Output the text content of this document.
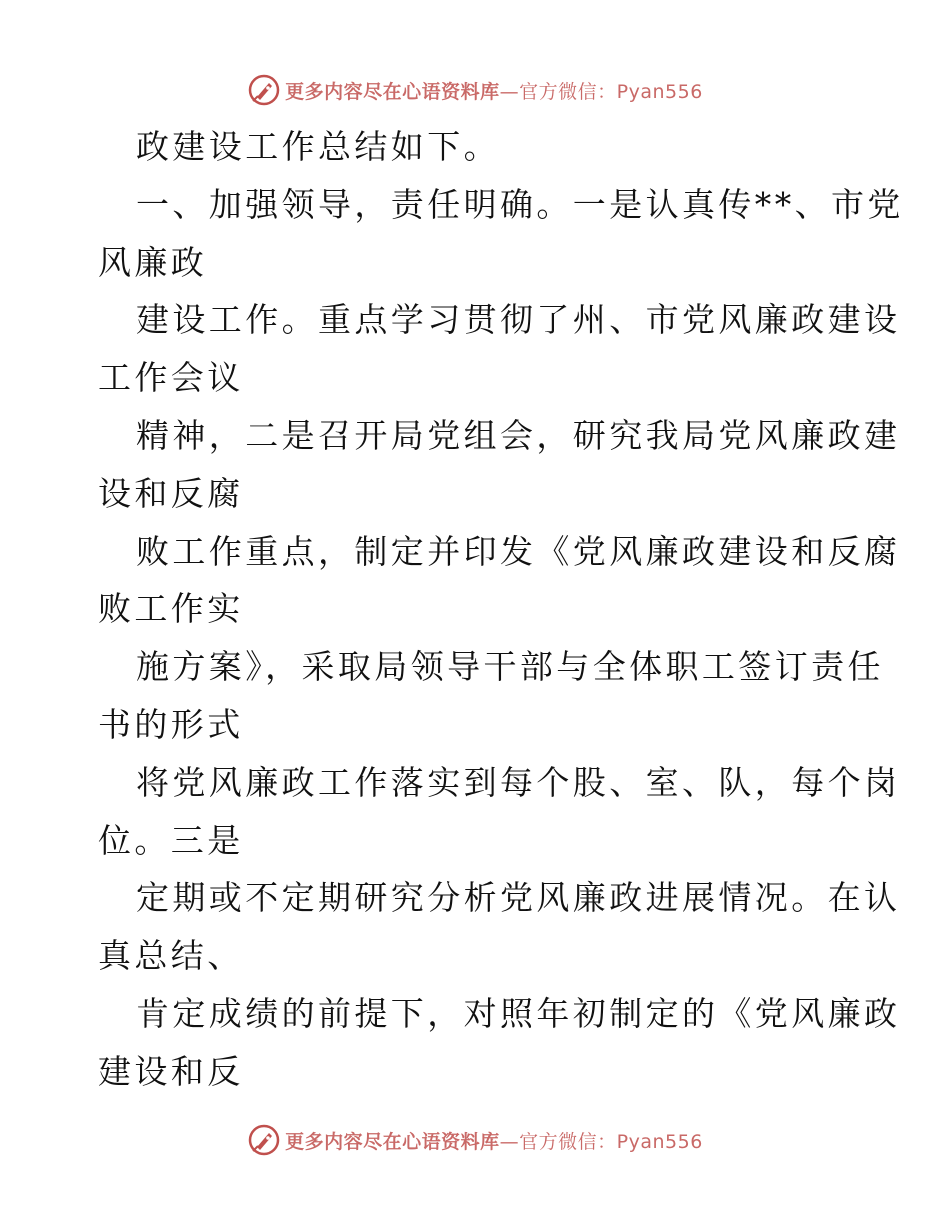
更多内容尽在心语资料库—官方微信：Pyan556
政建设工作总结如下。
一、加强领导，责任明确。一是认真传**、市党
风廉政
建设工作。重点学习贯彻了州、市党风廉政建设
工作会议
精神，二是召开局党组会，研究我局党风廉政建
设和反腐
败工作重点，制定并印发《党风廉政建设和反腐
败工作实
施方案》，采取局领导干部与全体职工签订责任
书的形式
将党风廉政工作落实到每个股、室、队，每个岗
位。三是
定期或不定期研究分析党风廉政进展情况。在认
真总结、
肯定成绩的前提下，对照年初制定的《党风廉政
建设和反
更多内容尽在心语资料库—官方微信：Pyan556
